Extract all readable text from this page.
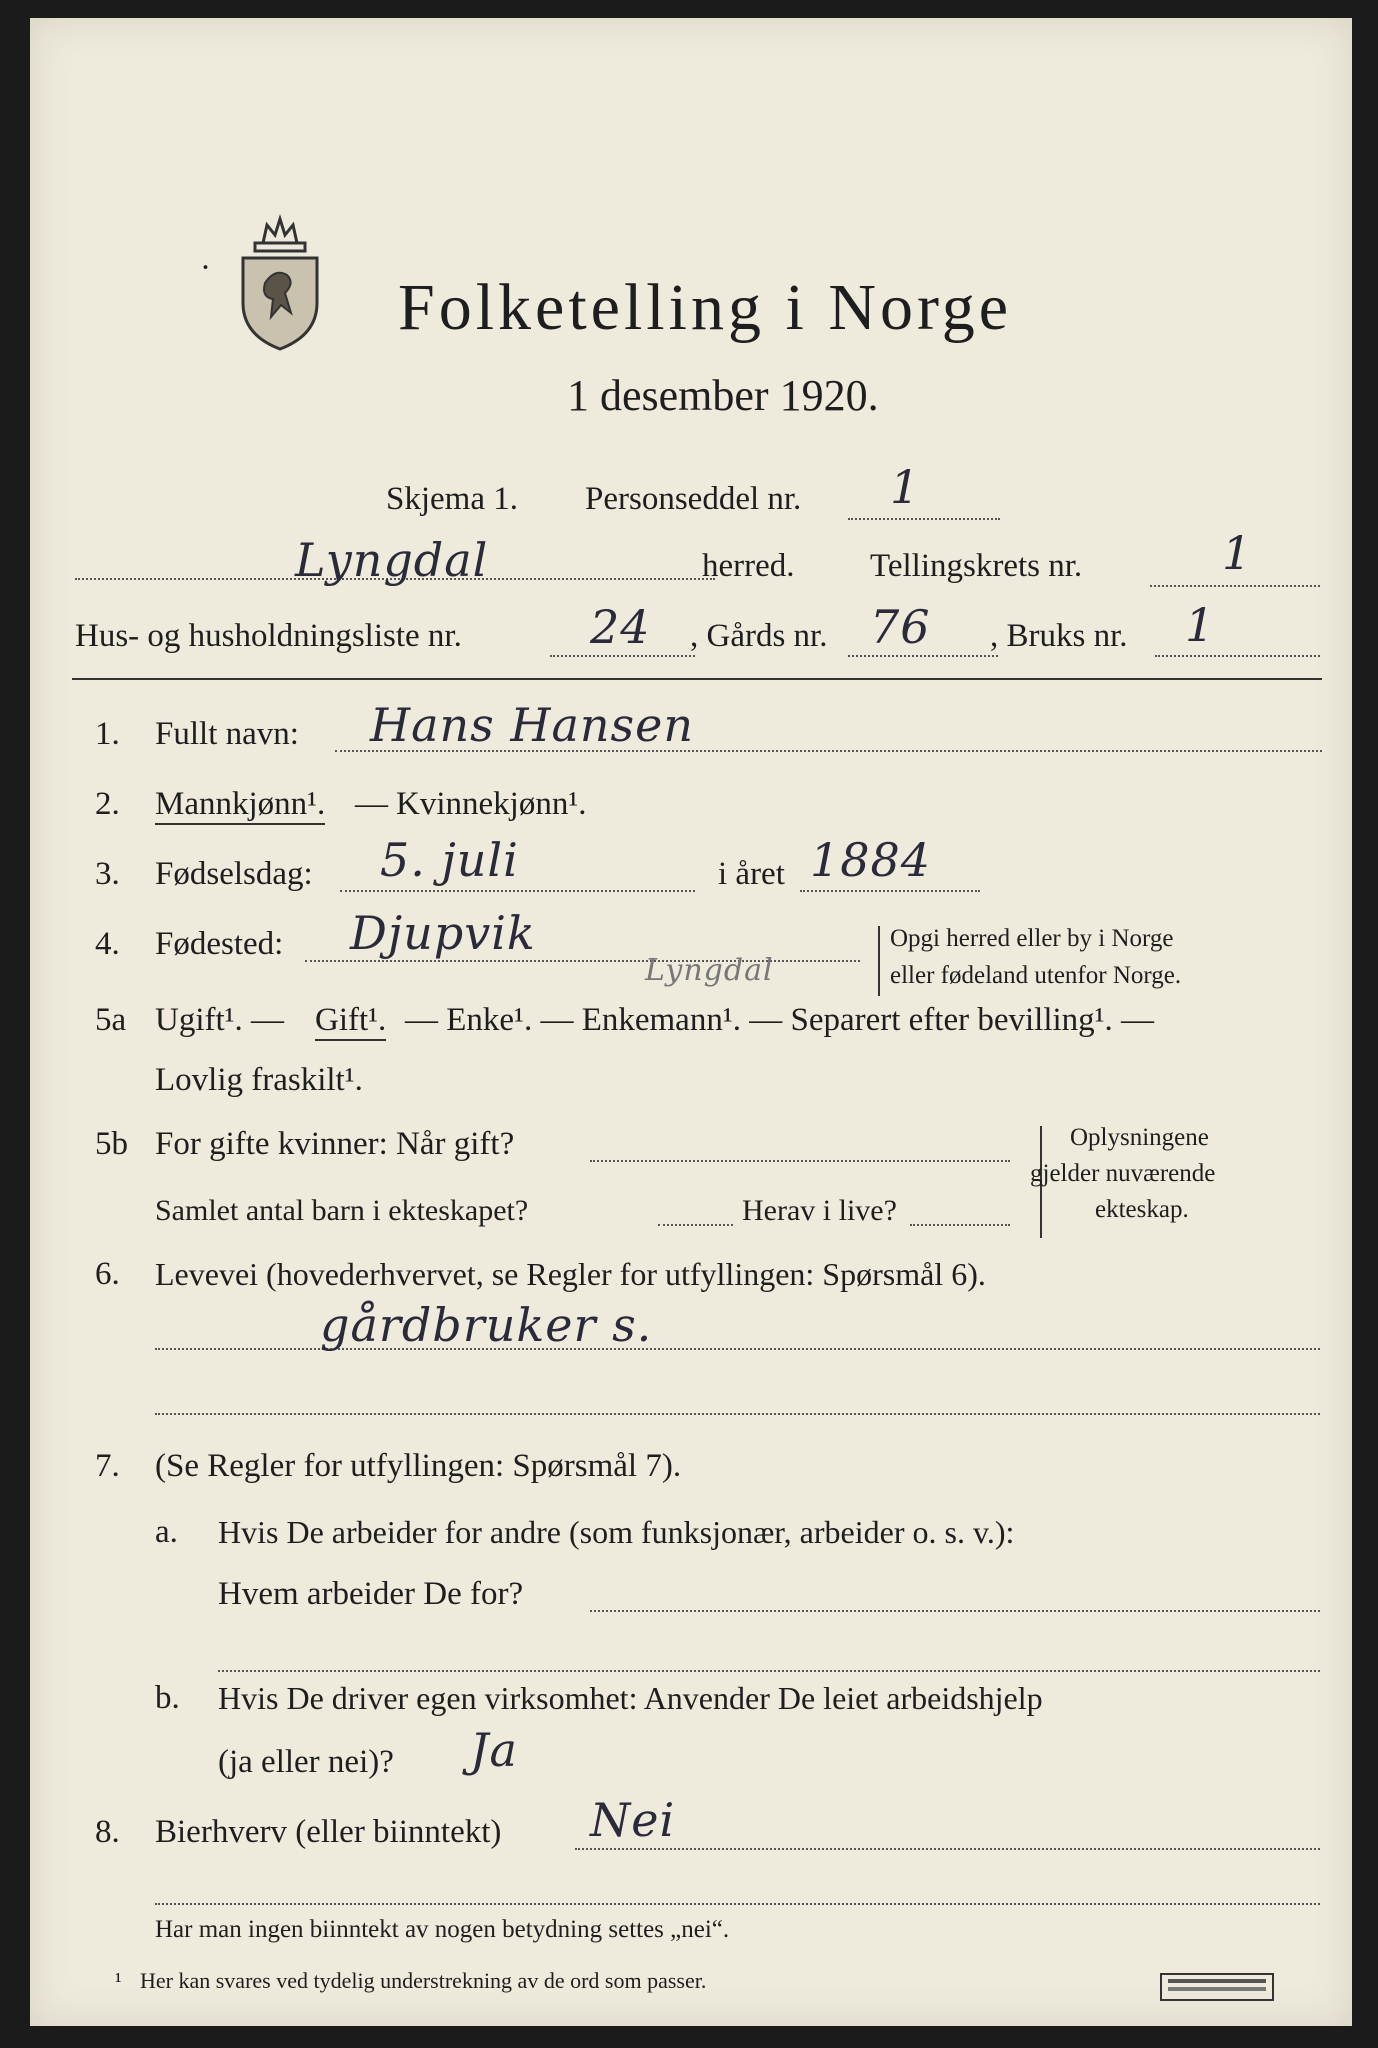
·
Folketelling i Norge
1 desember 1920.
Skjema 1. Personseddel nr. 1
Lyngdal	herred. Tellingskrets nr.	1
Hus- og husholdningsliste nr.	24 , Gårds nr. 76 , Bruks nr. 1
1. Fullt navn: Hans Hansen
2. Mannkjønn¹. — Kvinnekjønn¹.
3. Fødselsdag: 5. juli	i året 1884
4. Fødested: Djupvik
Lyngdal
Opgi herred eller by i Norge
eller fødeland utenfor Norge.
5a Ugift¹. — Gift¹. — Enke¹. — Enkemann¹. — Separert efter bevilling¹. —
Lovlig fraskilt¹.
5b For gifte kvinner: Når gift?
Samlet antal barn i ekteskapet?	Herav i live?
Oplysningene
gjelder nuværende
ekteskap.
6. Levevei (hovederhvervet, se Regler for utfyllingen: Spørsmål 6).
gårdbruker s.
7. (Se Regler for utfyllingen: Spørsmål 7).
a. Hvis De arbeider for andre (som funksjonær, arbeider o. s. v.):
Hvem arbeider De for?
b. Hvis De driver egen virksomhet: Anvender De leiet arbeidshjelp
(ja eller nei)? Ja
8. Bierhverv (eller biinntekt) Nei
Har man ingen biinntekt av nogen betydning settes „nei“.
¹ Her kan svares ved tydelig understrekning av de ord som passer.
